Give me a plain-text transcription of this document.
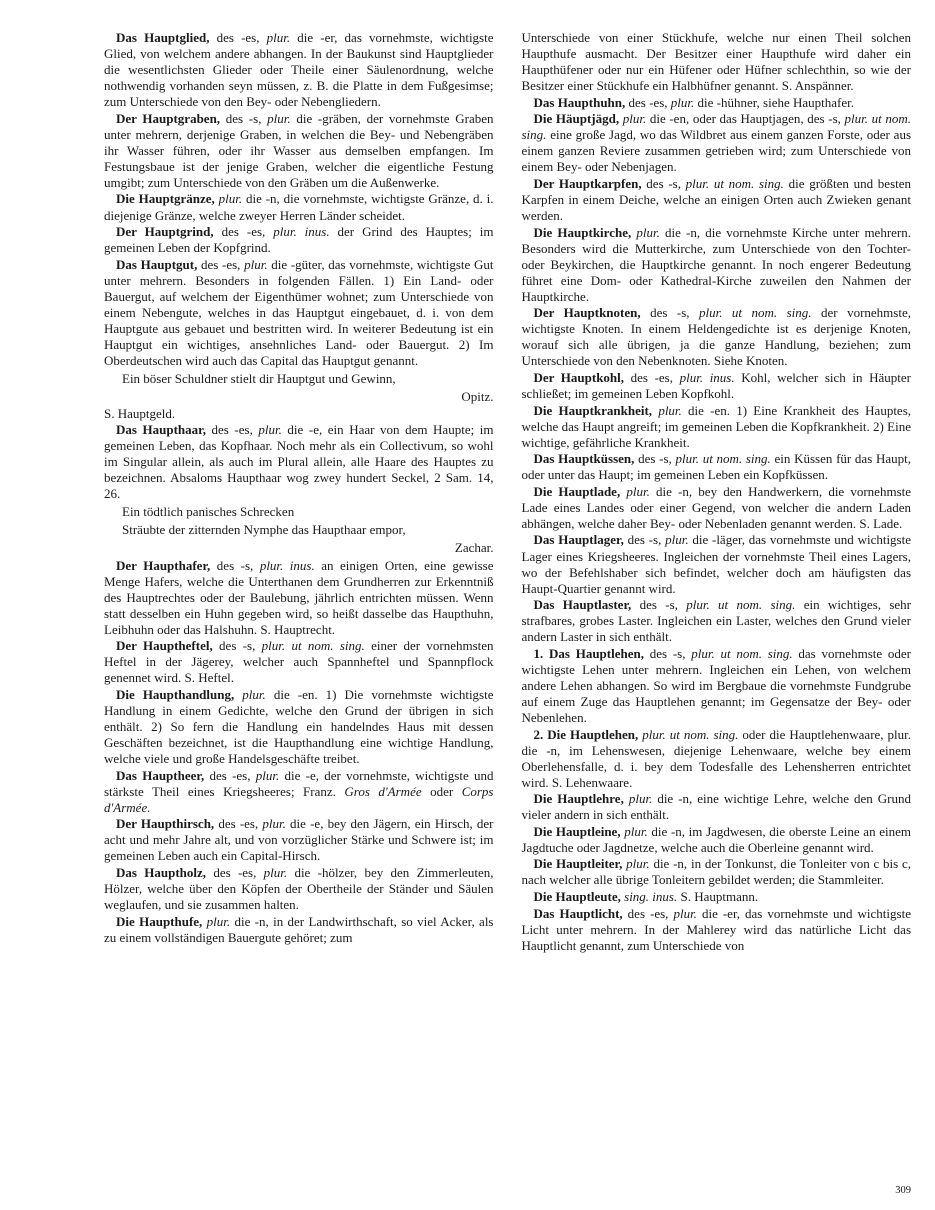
Das Hauptglied, des -es, plur. die -er, das vornehmste, wichtigste Glied, von welchem andere abhangen. In der Baukunst sind Hauptglieder die wesentlichsten Glieder oder Theile einer Säulenordnung, welche nothwendig vorhanden seyn müssen, z. B. die Platte in dem Fußgesimse; zum Unterschiede von den Bey- oder Nebengliedern.

Der Hauptgraben, des -s, plur. die -gräben, der vornehmste Graben unter mehrern, derjenige Graben, in welchen die Bey- und Nebengräben ihr Wasser führen, oder ihr Wasser aus demselben empfangen. Im Festungsbaue ist der jenige Graben, welcher die eigentliche Festung umgibt; zum Unterschiede von den Gräben um die Außenwerke.

Die Hauptgränze, plur. die -n, die vornehmste, wichtigste Gränze, d. i. diejenige Gränze, welche zweyer Herren Länder scheidet.

Der Hauptgrind, des -es, plur. inus. der Grind des Hauptes; im gemeinen Leben der Kopfgrind.

Das Hauptgut, des -es, plur. die -güter, das vornehmste, wichtigste Gut unter mehrern. Besonders in folgenden Fällen. 1) Ein Land- oder Bauergut, auf welchem der Eigenthümer wohnet; zum Unterschiede von einem Nebengute, welches in das Hauptgut eingebauet, d. i. von dem Hauptgute aus gebauet und bestritten wird. In weiterer Bedeutung ist ein Hauptgut ein wichtiges, ansehnliches Land- oder Bauergut. 2) Im Oberdeutschen wird auch das Capital das Hauptgut genannt.

Ein böser Schuldner stielt dir Hauptgut und Gewinn,

Opitz.

S. Hauptgeld.

Das Haupthaar, des -es, plur. die -e, ein Haar von dem Haupte; im gemeinen Leben, das Kopfhaar. Noch mehr als ein Collectivum, so wohl im Singular allein, als auch im Plural allein, alle Haare des Hauptes zu bezeichnen. Absaloms Haupthaar wog zwey hundert Seckel, 2 Sam. 14, 26.

Ein tödtlich panisches Schrecken

Sträubte der zitternden Nymphe das Haupthaar empor,

Zachar.

Der Haupthafer, des -s, plur. inus. an einigen Orten, eine gewisse Menge Hafers, welche die Unterthanen dem Grundherren zur Erkenntniß des Hauptrechtes oder der Baulebung, jährlich entrichten müssen. Wenn statt desselben ein Huhn gegeben wird, so heißt dasselbe das Haupthuhn, Leibhuhn oder das Halshuhn. S. Hauptrecht.

Der Hauptheftel, des -s, plur. ut nom. sing. einer der vornehmsten Heftel in der Jägerey, welcher auch Spannheftel und Spannpflock genennet wird. S. Heftel.

Die Haupthandlung, plur. die -en. 1) Die vornehmste wichtigste Handlung in einem Gedichte, welche den Grund der übrigen in sich enthält. 2) So fern die Handlung ein handelndes Haus mit dessen Geschäften bezeichnet, ist die Haupthandlung eine wichtige Handlung, welche viele und große Handelsgeschäfte treibet.

Das Hauptheer, des -es, plur. die -e, der vornehmste, wichtigste und stärkste Theil eines Kriegsheeres; Franz. Gros d'Armée oder Corps d'Armée.

Der Haupthirsch, des -es, plur. die -e, bey den Jägern, ein Hirsch, der acht und mehr Jahre alt, und von vorzüglicher Stärke und Schwere ist; im gemeinen Leben auch ein Capital-Hirsch.

Das Hauptholz, des -es, plur. die -hölzer, bey den Zimmerleuten, Hölzer, welche über den Köpfen der Obertheile der Ständer und Säulen weglaufen, und sie zusammen halten.

Die Haupthufe, plur. die -n, in der Landwirthschaft, so viel Acker, als zu einem vollständigen Bauergute gehöret; zum

Unterschiede von einer Stückhufe, welche nur einen Theil solchen Haupthufe ausmacht. Der Besitzer einer Haupthufe wird daher ein Haupthüfener oder nur ein Hüfener oder Hüfner schlechthin, so wie der Besitzer einer Stückhufe ein Halbhüfner genannt. S. Anspänner.

Das Haupthuhn, des -es, plur. die -hühner, siehe Haupthafer.

Die Häuptjägd, plur. die -en, oder das Hauptjagen, des -s, plur. ut nom. sing. eine große Jagd, wo das Wildbret aus einem ganzen Forste, oder aus einem ganzen Reviere zusammen getrieben wird; zum Unterschiede von einem Bey- oder Nebenjagen.

Der Hauptkarpfen, des -s, plur. ut nom. sing. die größten und besten Karpfen in einem Deiche, welche an einigen Orten auch Zwieken genant werden.

Die Hauptkirche, plur. die -n, die vornehmste Kirche unter mehrern. Besonders wird die Mutterkirche, zum Unterschiede von den Tochter- oder Beykirchen, die Hauptkirche genannt. In noch engerer Bedeutung führet eine Dom- oder Kathedral-Kirche zuweilen den Nahmen der Hauptkirche.

Der Hauptknoten, des -s, plur. ut nom. sing. der vornehmste, wichtigste Knoten. In einem Heldengedichte ist es derjenige Knoten, worauf sich alle übrigen, ja die ganze Handlung, beziehen; zum Unterschiede von den Nebenknoten. Siehe Knoten.

Der Hauptkohl, des -es, plur. inus. Kohl, welcher sich in Häupter schließet; im gemeinen Leben Kopfkohl.

Die Hauptkrankheit, plur. die -en. 1) Eine Krankheit des Hauptes, welche das Haupt angreift; im gemeinen Leben die Kopfkrankheit. 2) Eine wichtige, gefährliche Krankheit.

Das Hauptküssen, des -s, plur. ut nom. sing. ein Küssen für das Haupt, oder unter das Haupt; im gemeinen Leben ein Kopfküssen.

Die Hauptlade, plur. die -n, bey den Handwerkern, die vornehmste Lade eines Landes oder einer Gegend, von welcher die andern Laden abhängen, welche daher Bey- oder Nebenladen genannt werden. S. Lade.

Das Hauptlager, des -s, plur. die -läger, das vornehmste und wichtigste Lager eines Kriegsheeres. Ingleichen der vornehmste Theil eines Lagers, wo der Befehlshaber sich befindet, welcher doch am häufigsten das Haupt-Quartier genannt wird.

Das Hauptlaster, des -s, plur. ut nom. sing. ein wichtiges, sehr strafbares, grobes Laster. Ingleichen ein Laster, welches den Grund vieler andern Laster in sich enthält.

1. Das Hauptlehen, des -s, plur. ut nom. sing. das vornehmste oder wichtigste Lehen unter mehrern. Ingleichen ein Lehen, von welchem andere Lehen abhangen. So wird im Bergbaue die vornehmste Fundgrube auf einem Zuge das Hauptlehen genannt; im Gegensatze der Bey- oder Nebenlehen.

2. Die Hauptlehen, plur. ut nom. sing. oder die Hauptlehenwaare, plur. die -n, im Lehenswesen, diejenige Lehenwaare, welche bey einem Oberlehensfalle, d. i. bey dem Todesfalle des Lehensherren entrichtet wird. S. Lehenwaare.

Die Hauptlehre, plur. die -n, eine wichtige Lehre, welche den Grund vieler andern in sich enthält.

Die Hauptleine, plur. die -n, im Jagdwesen, die oberste Leine an einem Jagdtuche oder Jagdnetze, welche auch die Oberleine genannt wird.

Die Hauptleiter, plur. die -n, in der Tonkunst, die Tonleiter von c bis c, nach welcher alle übrige Tonleitern gebildet werden; die Stammleiter.

Die Hauptleute, sing. inus. S. Hauptmann.

Das Hauptlicht, des -es, plur. die -er, das vornehmste und wichtigste Licht unter mehrern. In der Mahlerey wird das natürliche Licht das Hauptlicht genannt, zum Unterschiede von

309
